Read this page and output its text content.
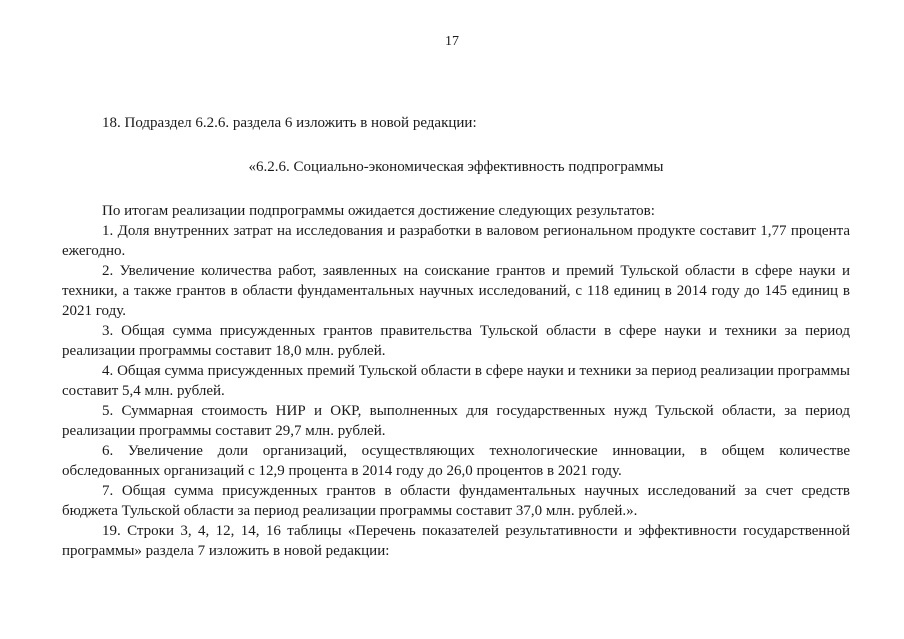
17

18. Подраздел 6.2.6. раздела 6 изложить в новой редакции:

«6.2.6. Социально-экономическая эффективность подпрограммы

По итогам реализации подпрограммы ожидается достижение следующих результатов:

1. Доля внутренних затрат на исследования и разработки в валовом региональном продукте составит 1,77 процента ежегодно.

2. Увеличение количества работ, заявленных на соискание грантов и премий Тульской области в сфере науки и техники, а также грантов в области фундаментальных научных исследований, с 118 единиц в 2014 году до 145 единиц в 2021 году.

3. Общая сумма присужденных грантов правительства Тульской области в сфере науки и техники за период реализации программы составит 18,0 млн. рублей.

4. Общая сумма присужденных премий Тульской области в сфере науки и техники за период реализации программы составит 5,4 млн. рублей.

5. Суммарная стоимость НИР и ОКР, выполненных для государственных нужд Тульской области, за период реализации программы составит 29,7 млн. рублей.

6. Увеличение доли организаций, осуществляющих технологические инновации, в общем количестве обследованных организаций с 12,9 процента в 2014 году до 26,0 процентов в 2021 году.

7. Общая сумма присужденных грантов в области фундаментальных научных исследований за счет средств бюджета Тульской области за период реализации программы составит 37,0 млн. рублей.».

19. Строки 3, 4, 12, 14, 16 таблицы «Перечень показателей результативности и эффективности государственной программы» раздела 7 изложить в новой редакции:
